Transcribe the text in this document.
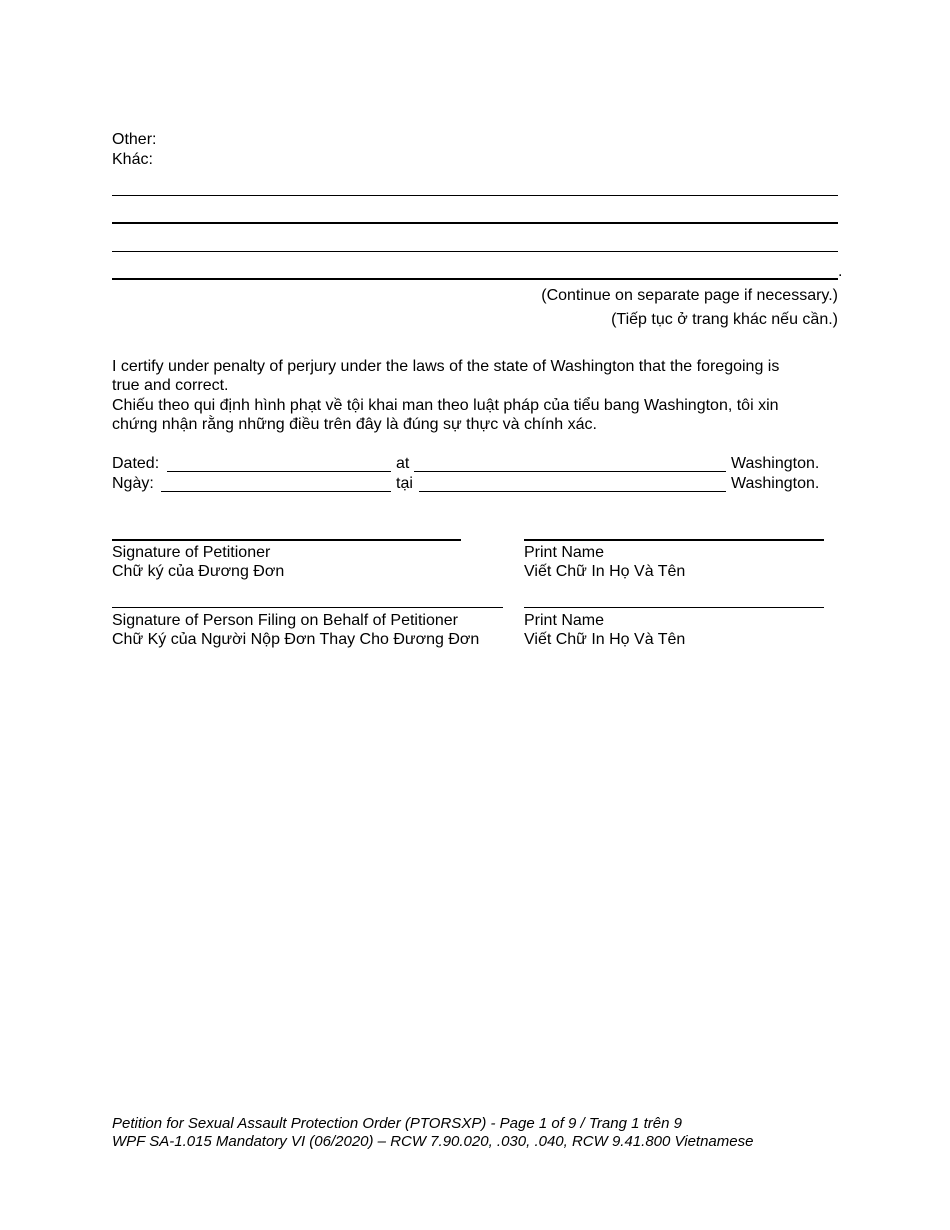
Other:
Khác:
.
(Continue on separate page if necessary.)
(Tiếp tục ở trang khác nếu cần.)
I certify under penalty of perjury under the laws of the state of Washington that the foregoing is
true and correct.
Chiếu theo qui định hình phạt về tội khai man theo luật pháp của tiểu bang Washington, tôi xin
chứng nhận rằng những điều trên đây là đúng sự thực và chính xác.
Dated:	at	Washington.
Ngày:	tại	Washington.
Signature of Petitioner
Chữ ký của Đương Đơn
Print Name
Viết Chữ In Họ Và Tên
Signature of Person Filing on Behalf of Petitioner
Chữ Ký của Người Nộp Đơn Thay Cho Đương Đơn
Print Name
Viết Chữ In Họ Và Tên
Petition for Sexual Assault Protection Order (PTORSXP) - Page 1 of 9 / Trang 1 trên 9
WPF SA-1.015 Mandatory VI (06/2020) – RCW 7.90.020, .030, .040, RCW 9.41.800 Vietnamese
